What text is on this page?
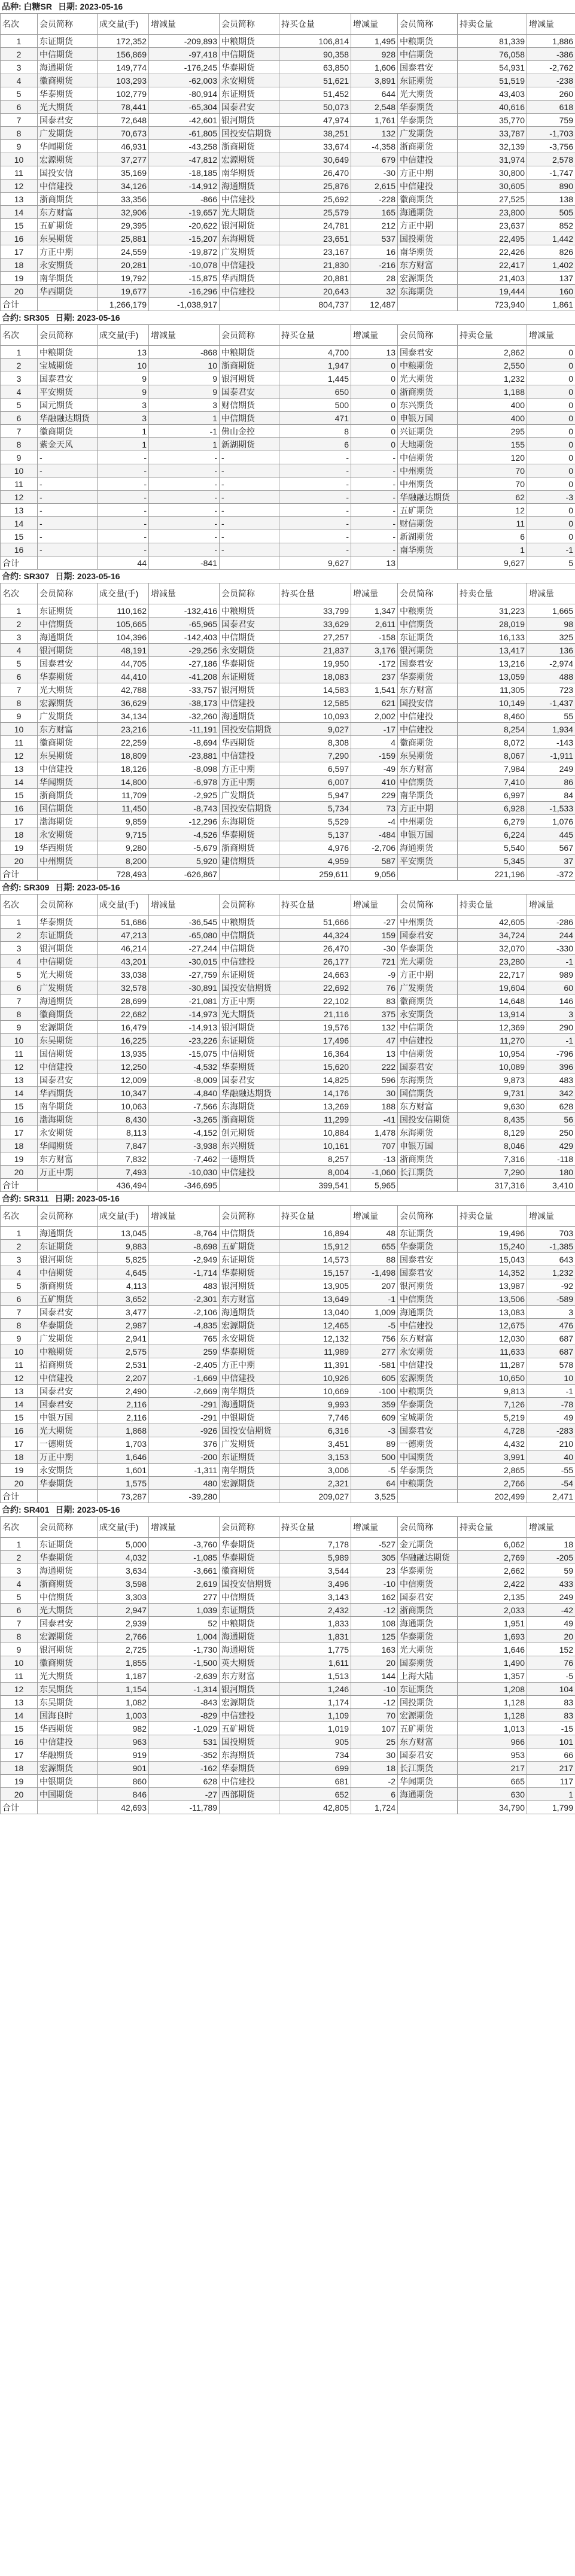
品种: 白糖SR 日期: 2023-05-16
名次	会员简称	成交量(手)	增减量	会员简称	持买仓量	增减量	会员简称	持卖仓量	增减量
1	东证期货	172,352	-209,893	中粮期货	106,814	1,495	中粮期货	81,339	1,886
2	中信期货	156,869	-97,418	中信期货	90,358	928	中信期货	76,058	-386
3	海通期货	149,774	-176,245	华泰期货	63,850	1,606	国泰君安	54,931	-2,762
4	徽商期货	103,293	-62,003	永安期货	51,621	3,891	东证期货	51,519	-238
5	华泰期货	102,779	-80,914	东证期货	51,452	644	光大期货	43,403	260
6	光大期货	78,441	-65,304	国泰君安	50,073	2,548	华泰期货	40,616	618
7	国泰君安	72,648	-42,601	银河期货	47,974	1,761	华泰期货	35,770	759
8	广发期货	70,673	-61,805	国投安信期货	38,251	132	广发期货	33,787	-1,703
9	华闻期货	46,931	-43,258	浙商期货	33,674	-4,358	浙商期货	32,139	-3,756
10	宏源期货	37,277	-47,812	宏源期货	30,649	679	中信建投	31,974	2,578
11	国投安信	35,169	-18,185	南华期货	26,470	-30	方正中期	30,800	-1,747
12	中信建投	34,126	-14,912	海通期货	25,876	2,615	中信建投	30,605	890
13	浙商期货	33,356	-866	中信建投	25,692	-228	徽商期货	27,525	138
14	东方财富	32,906	-19,657	光大期货	25,579	165	海通期货	23,800	505
15	五矿期货	29,395	-20,622	银河期货	24,781	212	方正中期	23,637	852
16	东吴期货	25,881	-15,207	东海期货	23,651	537	国投期货	22,495	1,442
17	方正中期	24,559	-19,872	广发期货	23,167	16	南华期货	22,426	826
18	永安期货	20,281	-10,078	中信建投	21,830	-216	东方财富	22,417	1,402
19	南华期货	19,792	-15,875	华西期货	20,881	28	宏源期货	21,403	137
20	华西期货	19,677	-16,296	中信建投	20,643	32	东海期货	19,444	160
合计		1,266,179	-1,038,917		804,737	12,487		723,940	1,861
合约: SR305 日期: 2023-05-16
名次	会员简称	成交量(手)	增减量	会员简称	持买仓量	增减量	会员简称	持卖仓量	增减量
1	中粮期货	13	-868	中粮期货	4,700	13	国泰君安	2,862	0
2	宝城期货	10	10	浙商期货	1,947	0	中粮期货	2,550	0
3	国泰君安	9	9	银河期货	1,445	0	光大期货	1,232	0
4	平安期货	9	9	国泰君安	650	0	浙商期货	1,188	0
5	国元期货	3	3	财信期货	500	0	东兴期货	400	0
6	华融融达期货	3	1	中信期货	471	0	申银万国	400	0
7	徽商期货	1	-1	佛山金控	8	0	兴证期货	295	0
8	紫金天风	1	1	新湖期货	6	0	大地期货	155	0
9	-	-	-	-	-	-	中信期货	120	0
10	-	-	-	-	-	-	中州期货	70	0
11	-	-	-	-	-	-	中州期货	70	0
12	-	-	-	-	-	-	华融融达期货	62	-3
13	-	-	-	-	-	-	五矿期货	12	0
14	-	-	-	-	-	-	财信期货	11	0
15	-	-	-	-	-	-	新湖期货	6	0
16	-	-	-	-	-	-	南华期货	1	-1
合计		44	-841		9,627	13		9,627	5
合约: SR307 日期: 2023-05-16
名次	会员简称	成交量(手)	增减量	会员简称	持买仓量	增减量	会员简称	持卖仓量	增减量
1	东证期货	110,162	-132,416	中粮期货	33,799	1,347	中粮期货	31,223	1,665
2	中信期货	105,665	-65,965	国泰君安	33,629	2,611	中信期货	28,019	98
3	海通期货	104,396	-142,403	中信期货	27,257	-158	东证期货	16,133	325
4	银河期货	48,191	-29,256	永安期货	21,837	3,176	银河期货	13,417	136
5	国泰君安	44,705	-27,186	华泰期货	19,950	-172	国泰君安	13,216	-2,974
6	华泰期货	44,410	-41,208	东证期货	18,083	237	华泰期货	13,059	488
7	光大期货	42,788	-33,757	银河期货	14,583	1,541	东方财富	11,305	723
8	宏源期货	36,629	-38,173	中信建投	12,585	621	国投安信	10,149	-1,437
9	广发期货	34,134	-32,260	海通期货	10,093	2,002	中信建投	8,460	55
10	东方财富	23,216	-11,191	国投安信期货	9,027	-17	中信建投	8,254	1,934
11	徽商期货	22,259	-8,694	华西期货	8,308	4	徽商期货	8,072	-143
12	东吴期货	18,809	-23,881	中信建投	7,290	-159	东吴期货	8,067	-1,911
13	中信建投	18,126	-8,098	方正中期	6,597	-49	东方财富	7,984	249
14	华闻期货	14,800	-6,978	方正中期	6,007	410	中信期货	7,410	86
15	浙商期货	11,709	-2,925	广发期货	5,947	229	南华期货	6,997	84
16	国信期货	11,450	-8,743	国投安信期货	5,734	73	方正中期	6,928	-1,533
17	渤海期货	9,859	-12,296	东海期货	5,529	-4	中州期货	6,279	1,076
18	永安期货	9,715	-4,526	华泰期货	5,137	-484	申银万国	6,224	445
19	华西期货	9,280	-5,679	浙商期货	4,976	-2,706	海通期货	5,540	567
20	中州期货	8,200	5,920	建信期货	4,959	587	平安期货	5,345	37
合计		728,493	-626,867		259,611	9,056		221,196	-372
合约: SR309 日期: 2023-05-16
名次	会员简称	成交量(手)	增减量	会员简称	持买仓量	增减量	会员简称	持卖仓量	增减量
1	华泰期货	51,686	-36,545	中粮期货	51,666	-27	中州期货	42,605	-286
2	东证期货	47,213	-65,080	中信期货	44,324	159	国泰君安	34,724	244
3	银河期货	46,214	-27,244	中信期货	26,470	-30	华泰期货	32,070	-330
4	中信期货	43,201	-30,015	中信建投	26,177	721	光大期货	23,280	-1
5	光大期货	33,038	-27,759	东证期货	24,663	-9	方正中期	22,717	989
6	广发期货	32,578	-30,891	国投安信期货	22,692	76	广发期货	19,604	60
7	海通期货	28,699	-21,081	方正中期	22,102	83	徽商期货	14,648	146
8	徽商期货	22,682	-14,973	光大期货	21,116	375	永安期货	13,914	3
9	宏源期货	16,479	-14,913	银河期货	19,576	132	中信期货	12,369	290
10	东吴期货	16,225	-23,226	东证期货	17,496	47	中信建投	11,270	-1
11	国信期货	13,935	-15,075	中信期货	16,364	13	中信期货	10,954	-796
12	中信建投	12,250	-4,532	华泰期货	15,620	222	国泰君安	10,089	396
13	国泰君安	12,009	-8,009	国泰君安	14,825	596	东海期货	9,873	483
14	华西期货	10,347	-4,840	华融融达期货	14,176	30	国信期货	9,731	342
15	南华期货	10,063	-7,566	东海期货	13,269	188	东方财富	9,630	628
16	渤海期货	8,430	-3,265	浙商期货	11,299	-41	国投安信期货	8,435	56
17	永安期货	8,113	-4,152	创元期货	10,884	1,478	东海期货	8,129	250
18	华闻期货	7,847	-3,938	东兴期货	10,161	707	申银万国	8,046	429
19	东方财富	7,832	-7,462	一德期货	8,257	-13	浙商期货	7,316	-118
20	万正中期	7,493	-10,030	中信建投	8,004	-1,060	长江期货	7,290	180
合计		436,494	-346,695		399,541	5,965		317,316	3,410
合约: SR311 日期: 2023-05-16
名次	会员简称	成交量(手)	增减量	会员简称	持买仓量	增减量	会员简称	持卖仓量	增减量
1	海通期货	13,045	-8,764	中信期货	16,894	48	东证期货	19,496	703
2	东证期货	9,883	-8,698	五矿期货	15,912	655	华泰期货	15,240	-1,385
3	银河期货	5,825	-2,949	东证期货	14,573	88	国泰君安	15,043	643
4	中信期货	4,645	-1,714	华泰期货	15,157	-1,498	国泰君安	14,352	1,232
5	浙商期货	4,113	483	银河期货	13,905	207	银河期货	13,987	-92
6	五矿期货	3,652	-2,301	东方财富	13,649	-1	中信期货	13,506	-589
7	国泰君安	3,477	-2,106	海通期货	13,040	1,009	海通期货	13,083	3
8	华泰期货	2,987	-4,835	宏源期货	12,465	-5	中信建投	12,675	476
9	广发期货	2,941	765	永安期货	12,132	756	东方财富	12,030	687
10	中粮期货	2,575	259	华泰期货	11,989	277	永安期货	11,633	687
11	招商期货	2,531	-2,405	方正中期	11,391	-581	中信建投	11,287	578
12	中信建投	2,207	-1,669	中信建投	10,926	605	宏源期货	10,650	10
13	国泰君安	2,490	-2,669	南华期货	10,669	-100	中粮期货	9,813	-1
14	国泰君安	2,116	-291	海通期货	9,993	359	华泰期货	7,126	-78
15	中银万国	2,116	-291	中银期货	7,746	609	宝城期货	5,219	49
16	光大期货	1,868	-926	国投安信期货	6,316	-3	国泰君安	4,728	-283
17	一德期货	1,703	376	广发期货	3,451	89	一德期货	4,432	210
18	万正中期	1,646	-200	东证期货	3,153	500	中国期货	3,991	40
19	永安期货	1,601	-1,311	南华期货	3,006	-5	华泰期货	2,865	-55
20	华泰期货	1,575	480	宏源期货	2,321	64	中粮期货	2,766	-54
合计		73,287	-39,280		209,027	3,525		202,499	2,471
合约: SR401 日期: 2023-05-16
名次	会员简称	成交量(手)	增减量	会员简称	持买仓量	增减量	会员简称	持卖仓量	增减量
1	东证期货	5,000	-3,760	华泰期货	7,178	-527	金元期货	6,062	18
2	华泰期货	4,032	-1,085	华泰期货	5,989	305	华融融达期货	2,769	-205
3	海通期货	3,634	-3,661	徽商期货	3,544	23	华泰期货	2,662	59
4	浙商期货	3,598	2,619	国投安信期货	3,496	-10	中信期货	2,422	433
5	中信期货	3,303	277	中信期货	3,143	162	国泰君安	2,135	249
6	光大期货	2,947	1,039	东证期货	2,432	-12	浙商期货	2,033	-42
7	国泰君安	2,939	52	中粮期货	1,833	108	海通期货	1,951	49
8	宏源期货	2,766	1,004	海通期货	1,831	125	华泰期货	1,693	20
9	银河期货	2,725	-1,730	海通期货	1,775	163	光大期货	1,646	152
10	徽商期货	1,855	-1,500	英大期货	1,611	20	国泰期货	1,490	76
11	光大期货	1,187	-2,639	东方财富	1,513	144	上海大陆	1,357	-5
12	东吴期货	1,154	-1,314	银河期货	1,246	-10	东证期货	1,208	104
13	东吴期货	1,082	-843	宏源期货	1,174	-12	国投期货	1,128	83
14	国海良时	1,003	-829	中信建投	1,109	70	宏源期货	1,128	83
15	华西期货	982	-1,029	五矿期货	1,019	107	五矿期货	1,013	-15
16	中信建投	963	531	国投期货	905	25	东方财富	966	101
17	华融期货	919	-352	东海期货	734	30	国泰君安	953	66
18	宏源期货	901	-162	华泰期货	699	18	长江期货	217	217
19	中银期货	860	628	中信建投	681	-2	华闻期货	665	117
20	中国期货	846	-27	西部期货	652	6	海通期货	630	1
合计		42,693	-11,789		42,805	1,724		34,790	1,799
